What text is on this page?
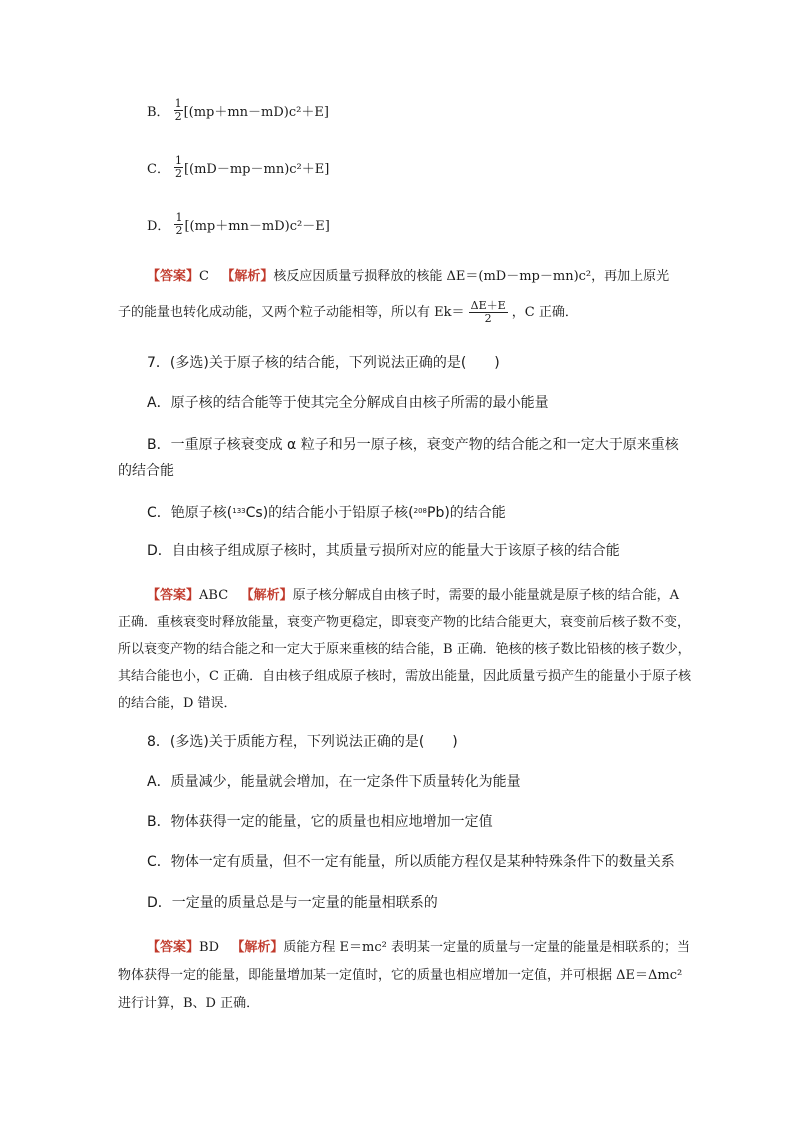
B． $\frac{1}{2} [(mp+mn-mD)c^2+E]$
C． $\frac{1}{2} [(mD-mp-mn)c^2+E]$
D． $\frac{1}{2} [(mp+mn-mD)c^2-E]$
【答案】C 【解析】核反应因质量亏损释放的核能 ΔE＝(mD－mp－mn)c²，再加上原光
子的能量也转化成动能，又两个粒子动能相等，所以有 $Ek= \frac{\Delta E+E}{2}$ ，C 正确．
7．(多选)关于原子核的结合能，下列说法正确的是(　　)
A．原子核的结合能等于使其完全分解成自由核子所需的最小能量
B．一重原子核衰变成 α 粒子和另一原子核，衰变产物的结合能之和一定大于原来重核的结合能
C．铯原子核($^{133}$Cs)的结合能小于铅原子核($^{208}$Pb)的结合能
D．自由核子组成原子核时，其质量亏损所对应的能量大于该原子核的结合能
【答案】ABC 【解析】原子核分解成自由核子时，需要的最小能量就是原子核的结合能，A 正确．重核衰变时释放能量，衰变产物更稳定，即衰变产物的比结合能更大，衰变前后核子数不变，所以衰变产物的结合能之和一定大于原来重核的结合能，B 正确．铯核的核子数比铅核的核子数少，其结合能也小，C 正确．自由核子组成原子核时，需放出能量，因此质量亏损产生的能量小于原子核的结合能，D 错误．
8．(多选)关于质能方程，下列说法正确的是(　　)
A．质量减少，能量就会增加，在一定条件下质量转化为能量
B．物体获得一定的能量，它的质量也相应地增加一定值
C．物体一定有质量，但不一定有能量，所以质能方程仅是某种特殊条件下的数量关系
D．一定量的质量总是与一定量的能量相联系的
【答案】BD 【解析】质能方程 E＝mc² 表明某一定量的质量与一定量的能量是相联系的；当物体获得一定的能量，即能量增加某一定值时，它的质量也相应增加一定值，并可根据 ΔE＝Δmc² 进行计算，B、D 正确．
